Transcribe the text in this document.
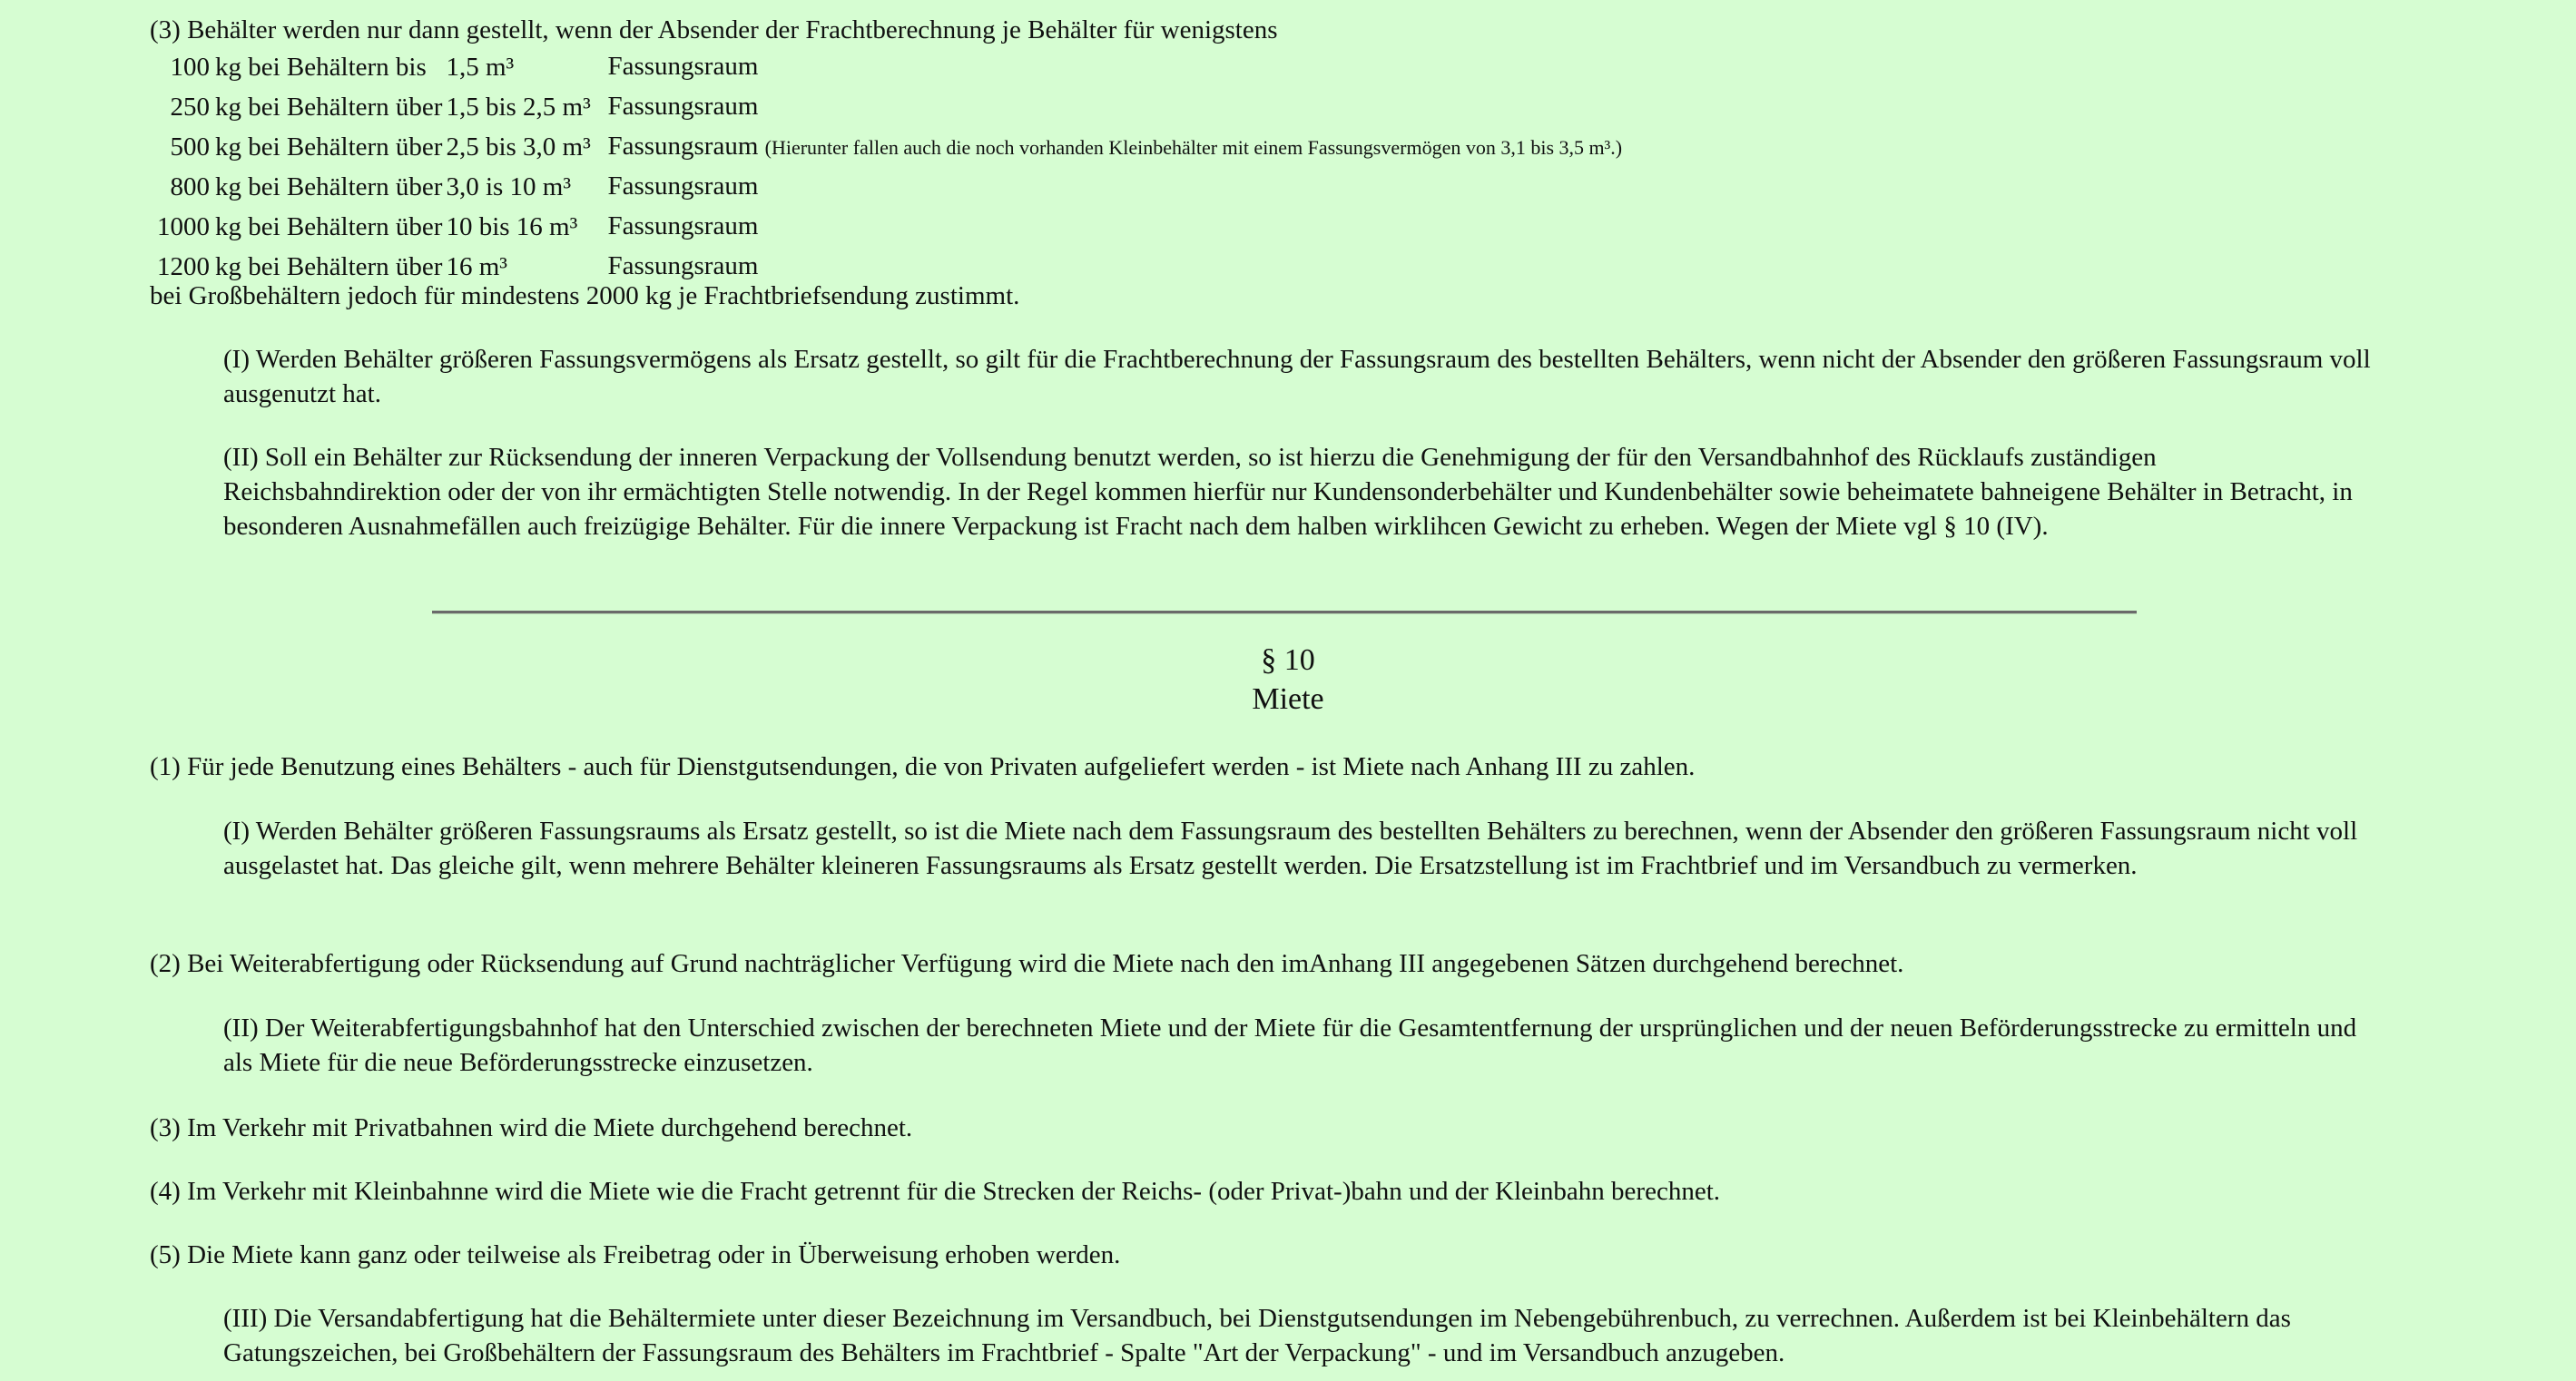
(3) Behälter werden nur dann gestellt, wenn der Absender der Frachtberechnung je Behälter für wenigstens

100	kg bei Behältern bis	1,5 m³	Fassungsraum
250	kg bei Behältern über	1,5 bis 2,5 m³	Fassungsraum
500	kg bei Behältern über	2,5 bis 3,0 m³	Fassungsraum (Hierunter fallen auch die noch vorhanden Kleinbehälter mit einem Fassungsvermögen von 3,1 bis 3,5 m³.)
800	kg bei Behältern über	3,0 is 10 m³	Fassungsraum
1000	kg bei Behältern über	10 bis 16 m³	Fassungsraum
1200	kg bei Behältern über	16 m³	Fassungsraum

bei Großbehältern jedoch für mindestens 2000 kg je Frachtbriefsendung zustimmt.

(I) Werden Behälter größeren Fassungsvermögens als Ersatz gestellt, so gilt für die Frachtberechnung der Fassungsraum des bestellten Behälters, wenn nicht der Absender den größeren Fassungsraum voll ausgenutzt hat.

(II) Soll ein Behälter zur Rücksendung der inneren Verpackung der Vollsendung benutzt werden, so ist hierzu die Genehmigung der für den Versandbahnhof des Rücklaufs zuständigen Reichsbahndirektion oder der von ihr ermächtigten Stelle notwendig. In der Regel kommen hierfür nur Kundensonderbehälter und Kundenbehälter sowie beheimatete bahneigene Behälter in Betracht, in besonderen Ausnahmefällen auch freizügige Behälter. Für die innere Verpackung ist Fracht nach dem halben wirklihcen Gewicht zu erheben. Wegen der Miete vgl § 10 (IV).

§ 10

Miete

(1) Für jede Benutzung eines Behälters - auch für Dienstgutsendungen, die von Privaten aufgeliefert werden - ist Miete nach Anhang III zu zahlen.

(I) Werden Behälter größeren Fassungsraums als Ersatz gestellt, so ist die Miete nach dem Fassungsraum des bestellten Behälters zu berechnen, wenn der Absender den größeren Fassungsraum nicht voll ausgelastet hat. Das gleiche gilt, wenn mehrere Behälter kleineren Fassungsraums als Ersatz gestellt werden. Die Ersatzstellung ist im Frachtbrief und im Versandbuch zu vermerken.

(2) Bei Weiterabfertigung oder Rücksendung auf Grund nachträglicher Verfügung wird die Miete nach den imAnhang III angegebenen Sätzen durchgehend berechnet.

(II) Der Weiterabfertigungsbahnhof hat den Unterschied zwischen der berechneten Miete und der Miete für die Gesamtentfernung der ursprünglichen und der neuen Beförderungsstrecke zu ermitteln und als Miete für die neue Beförderungsstrecke einzusetzen.

(3) Im Verkehr mit Privatbahnen wird die Miete durchgehend berechnet.

(4) Im Verkehr mit Kleinbahnne wird die Miete wie die Fracht getrennt für die Strecken der Reichs- (oder Privat-)bahn und der Kleinbahn berechnet.

(5) Die Miete kann ganz oder teilweise als Freibetrag oder in Überweisung erhoben werden.

(III) Die Versandabfertigung hat die Behältermiete unter dieser Bezeichnung im Versandbuch, bei Dienstgutsendungen im Nebengebührenbuch, zu verrechnen. Außerdem ist bei Kleinbehältern das Gatungszeichen, bei Großbehältern der Fassungsraum des Behälters im Frachtbrief - Spalte "Art der Verpackung" - und im Versandbuch anzugeben.
